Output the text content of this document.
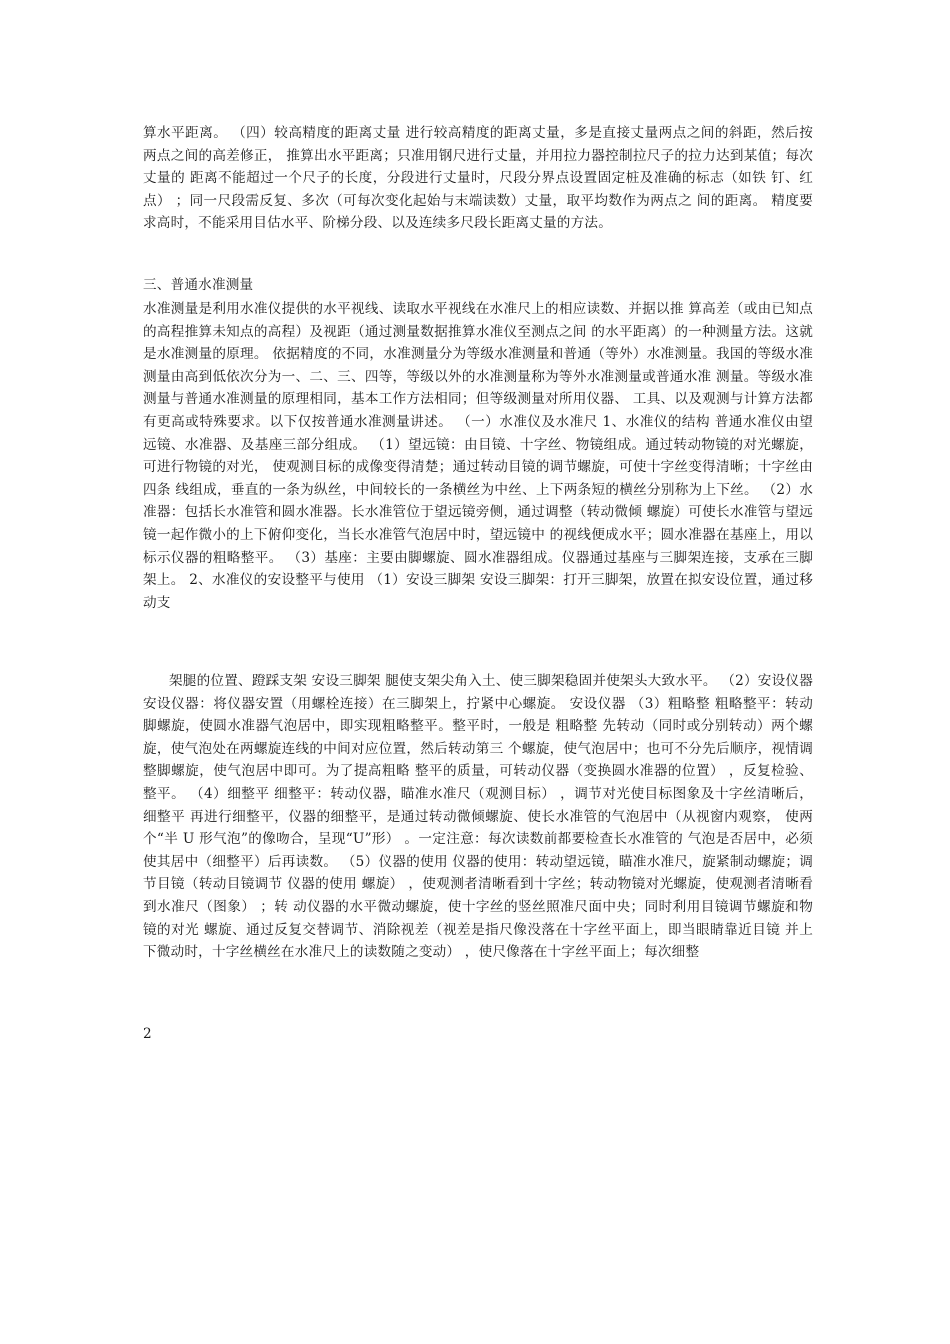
算水平距离。 （四）较高精度的距离丈量 进行较高精度的距离丈量，多是直接丈量两点之间的斜距，然后按两点之间的高差修正， 推算出水平距离；只准用钢尺进行丈量，并用拉力器控制拉尺子的拉力达到某值；每次丈量的 距离不能超过一个尺子的长度，分段进行丈量时，尺段分界点设置固定桩及准确的标志（如铁 钉、红点） ；同一尺段需反复、多次（可每次变化起始与末端读数）丈量，取平均数作为两点之 间的距离。 精度要求高时，不能采用目估水平、阶梯分段、以及连续多尺段长距离丈量的方法。

三、普通水准测量

水准测量是利用水准仪提供的水平视线、读取水平视线在水准尺上的相应读数、并据以推 算高差（或由已知点的高程推算未知点的高程）及视距（通过测量数据推算水准仪至测点之间 的水平距离）的一种测量方法。这就是水准测量的原理。 依据精度的不同，水准测量分为等级水准测量和普通（等外）水准测量。我国的等级水准 测量由高到低依次分为一、二、三、四等，等级以外的水准测量称为等外水准测量或普通水准 测量。等级水准测量与普通水准测量的原理相同，基本工作方法相同；但等级测量对所用仪器、 工具、以及观测与计算方法都有更高或特殊要求。以下仅按普通水准测量讲述。 （一）水准仪及水准尺 1、水准仪的结构 普通水准仪由望远镜、水准器、及基座三部分组成。 （1）望远镜：由目镜、十字丝、物镜组成。通过转动物镜的对光螺旋，可进行物镜的对光， 使观测目标的成像变得清楚；通过转动目镜的调节螺旋，可使十字丝变得清晰；十字丝由四条 线组成，垂直的一条为纵丝，中间较长的一条横丝为中丝、上下两条短的横丝分别称为上下丝。 （2）水准器：包括长水准管和圆水准器。长水准管位于望远镜旁侧，通过调整（转动微倾 螺旋）可使长水准管与望远镜一起作微小的上下俯仰变化，当长水准管气泡居中时，望远镜中 的视线便成水平；圆水准器在基座上，用以标示仪器的粗略整平。 （3）基座：主要由脚螺旋、圆水准器组成。仪器通过基座与三脚架连接，支承在三脚架上。 2、水准仪的安设整平与使用 （1）安设三脚架 安设三脚架：打开三脚架，放置在拟安设位置，通过移动支

架腿的位置、蹬踩支架 安设三脚架 腿使支架尖角入土、使三脚架稳固并使架头大致水平。 （2）安设仪器 安设仪器：将仪器安置（用螺栓连接）在三脚架上，拧紧中心螺旋。 安设仪器 （3）粗略整 粗略整平：转动脚螺旋，使圆水准器气泡居中，即实现粗略整平。整平时，一般是 粗略整 先转动（同时或分别转动）两个螺旋，使气泡处在两螺旋连线的中间对应位置，然后转动第三 个螺旋，使气泡居中；也可不分先后顺序，视情调整脚螺旋，使气泡居中即可。为了提高粗略 整平的质量，可转动仪器（变换圆水准器的位置） ，反复检验、整平。 （4）细整平 细整平：转动仪器，瞄准水准尺（观测目标） ，调节对光使目标图象及十字丝清晰后， 细整平 再进行细整平，仪器的细整平，是通过转动微倾螺旋、使长水准管的气泡居中（从视窗内观察， 使两个“半 U 形气泡”的像吻合，呈现“U”形） 。一定注意：每次读数前都要检查长水准管的 气泡是否居中，必须使其居中（细整平）后再读数。 （5）仪器的使用 仪器的使用：转动望远镜，瞄准水准尺，旋紧制动螺旋；调节目镜（转动目镜调节 仪器的使用 螺旋） ，使观测者清晰看到十字丝；转动物镜对光螺旋，使观测者清晰看到水准尺（图象） ；转 动仪器的水平微动螺旋，使十字丝的竖丝照准尺面中央；同时利用目镜调节螺旋和物镜的对光 螺旋、通过反复交替调节、消除视差（视差是指尺像没落在十字丝平面上，即当眼睛靠近目镜 并上下微动时，十字丝横丝在水准尺上的读数随之变动） ，使尺像落在十字丝平面上；每次细整

2
